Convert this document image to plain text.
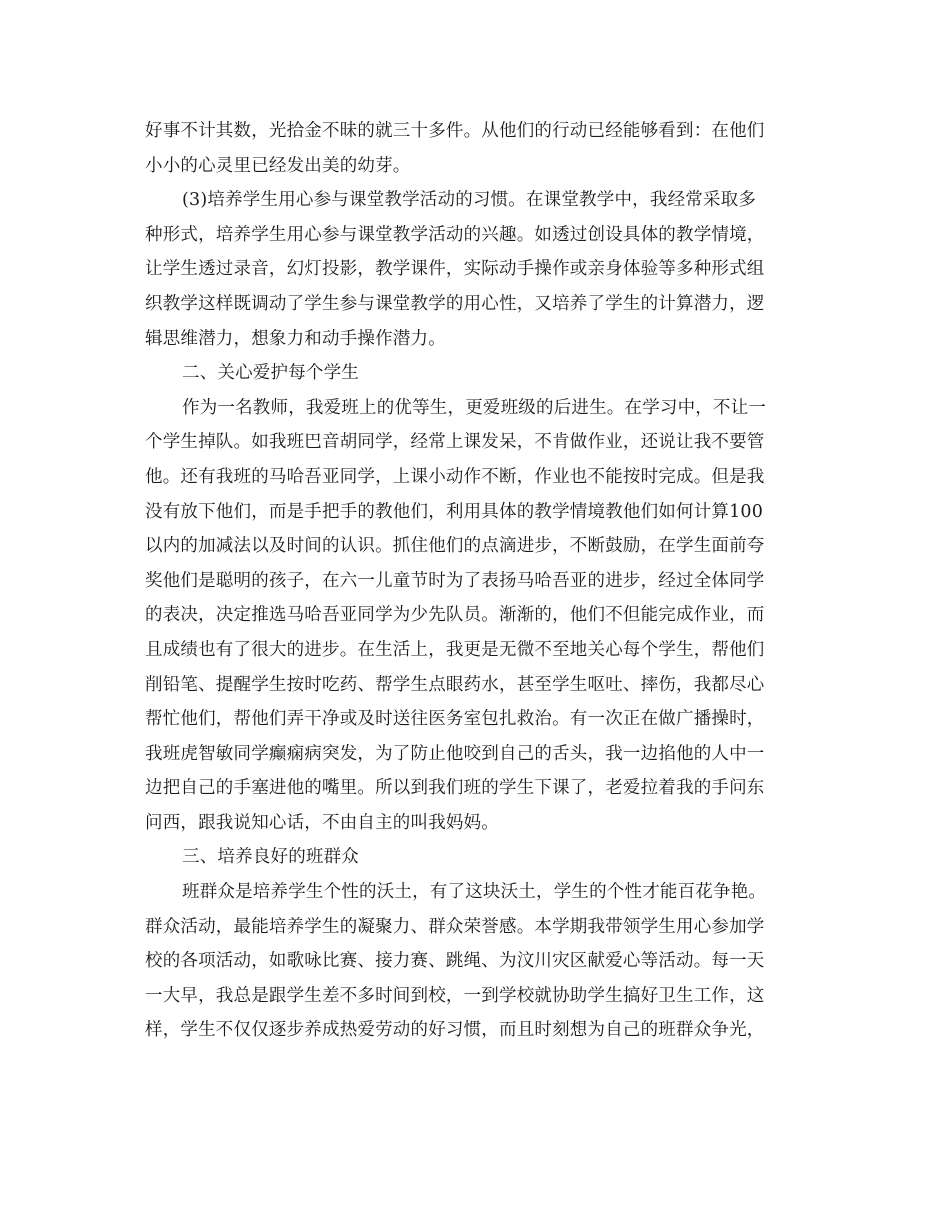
好事不计其数，光拾金不昧的就三十多件。从他们的行动已经能够看到：在他们
小小的心灵里已经发出美的幼芽。
(3)培养学生用心参与课堂教学活动的习惯。在课堂教学中，我经常采取多
种形式，培养学生用心参与课堂教学活动的兴趣。如透过创设具体的教学情境，
让学生透过录音，幻灯投影，教学课件，实际动手操作或亲身体验等多种形式组
织教学这样既调动了学生参与课堂教学的用心性，又培养了学生的计算潜力，逻
辑思维潜力，想象力和动手操作潜力。
二、关心爱护每个学生
作为一名教师，我爱班上的优等生，更爱班级的后进生。在学习中，不让一
个学生掉队。如我班巴音胡同学，经常上课发呆，不肯做作业，还说让我不要管
他。还有我班的马哈吾亚同学，上课小动作不断，作业也不能按时完成。但是我
没有放下他们，而是手把手的教他们，利用具体的教学情境教他们如何计算100
以内的加减法以及时间的认识。抓住他们的点滴进步，不断鼓励，在学生面前夸
奖他们是聪明的孩子，在六一儿童节时为了表扬马哈吾亚的进步，经过全体同学
的表决，决定推选马哈吾亚同学为少先队员。渐渐的，他们不但能完成作业，而
且成绩也有了很大的进步。在生活上，我更是无微不至地关心每个学生，帮他们
削铅笔、提醒学生按时吃药、帮学生点眼药水，甚至学生呕吐、摔伤，我都尽心
帮忙他们，帮他们弄干净或及时送往医务室包扎救治。有一次正在做广播操时，
我班虎智敏同学癫痫病突发，为了防止他咬到自己的舌头，我一边掐他的人中一
边把自己的手塞进他的嘴里。所以到我们班的学生下课了，老爱拉着我的手问东
问西，跟我说知心话，不由自主的叫我妈妈。
三、培养良好的班群众
班群众是培养学生个性的沃土，有了这块沃土，学生的个性才能百花争艳。
群众活动，最能培养学生的凝聚力、群众荣誉感。本学期我带领学生用心参加学
校的各项活动，如歌咏比赛、接力赛、跳绳、为汶川灾区献爱心等活动。每一天
一大早，我总是跟学生差不多时间到校，一到学校就协助学生搞好卫生工作，这
样，学生不仅仅逐步养成热爱劳动的好习惯，而且时刻想为自己的班群众争光，
